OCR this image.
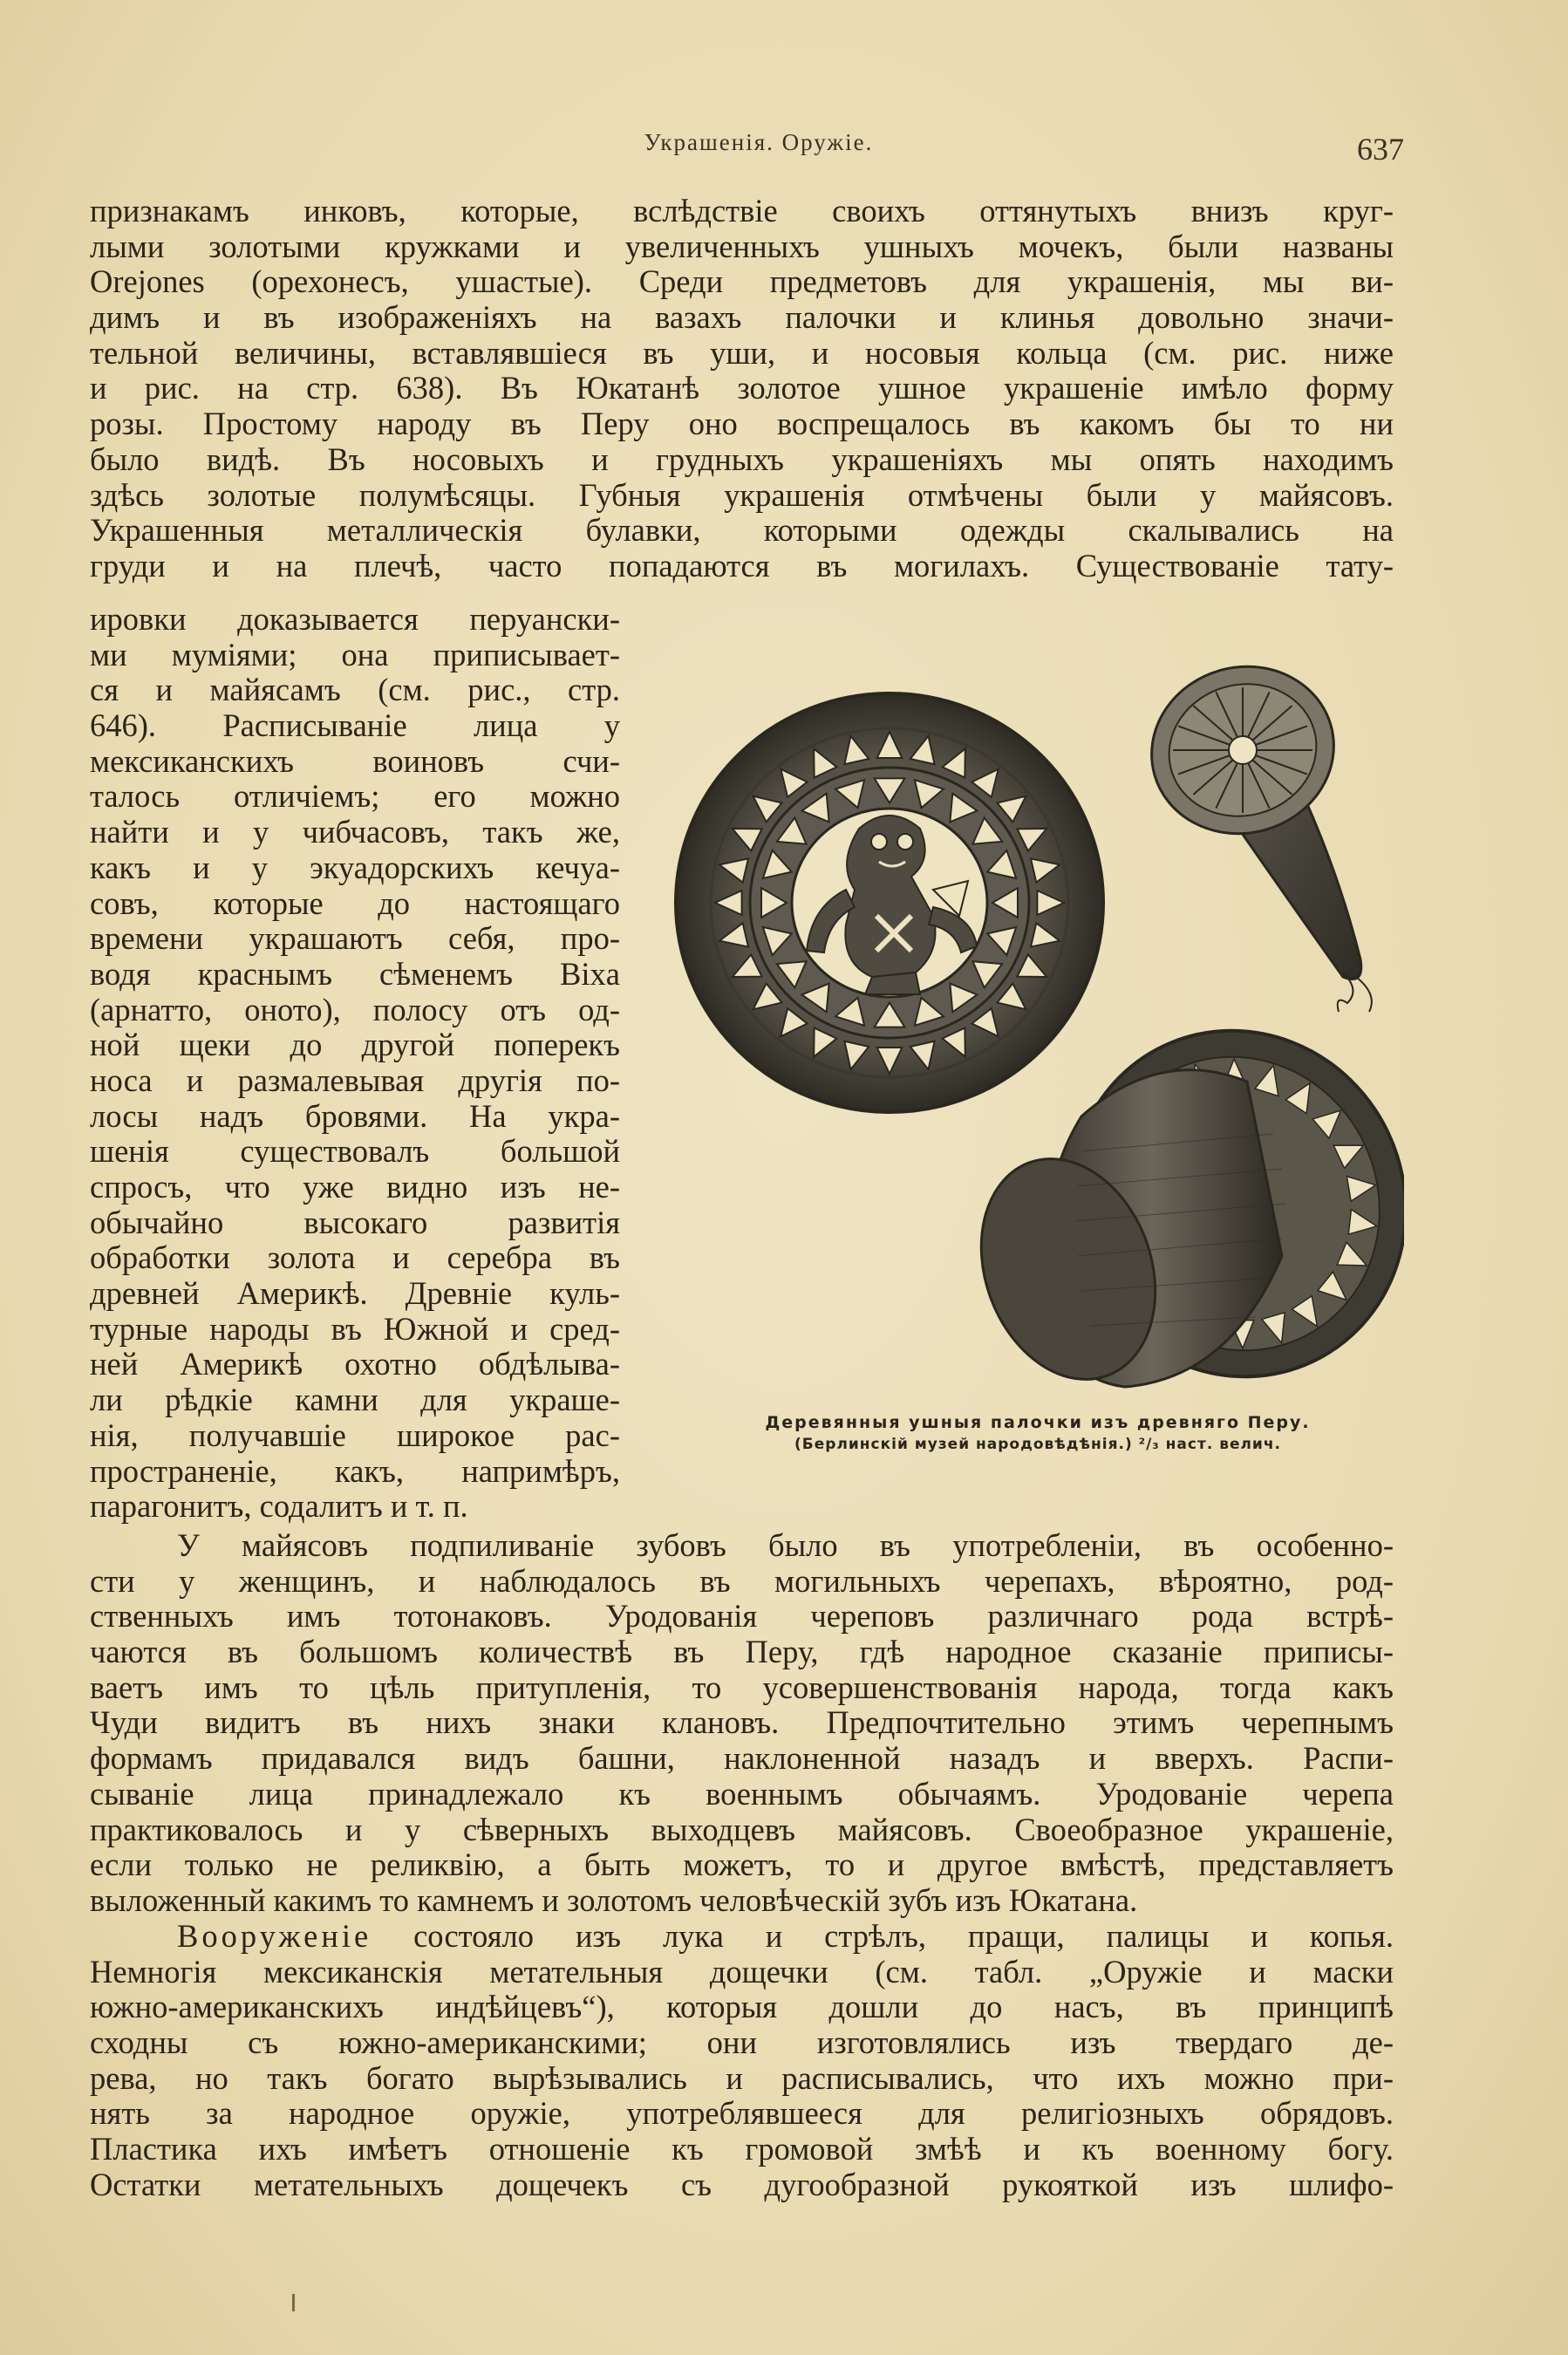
Украшенія. Оружіе.	637
признакамъ инковъ, которые, вслѣдствіе своихъ оттянутыхъ внизъ круг-
лыми золотыми кружками и увеличенныхъ ушныхъ мочекъ, были названы
Orejones (орехонесъ, ушастые). Среди предметовъ для украшенія, мы ви-
димъ и въ изображеніяхъ на вазахъ палочки и клинья довольно значи-
тельной величины, вставлявшіеся въ уши, и носовыя кольца (см. рис. ниже
и рис. на стр. 638). Въ Юкатанѣ золотое ушное украшеніе имѣло форму
розы. Простому народу въ Перу оно воспрещалось въ какомъ бы то ни
было видѣ. Въ носовыхъ и грудныхъ украшеніяхъ мы опять находимъ
здѣсь золотые полумѣсяцы. Губныя украшенія отмѣчены были у майясовъ.
Украшенныя металлическія булавки, которыми одежды скалывались на
груди и на плечѣ, часто попадаются въ могилахъ. Существованіе тату-
ировки доказывается перуански-
ми муміями; она приписывает-
ся и майясамъ (см. рис., стр.
646). Расписываніе лица у
мексиканскихъ воиновъ счи-
талось отличіемъ; его можно
найти и у чибчасовъ, такъ же,
какъ и у экуадорскихъ кечуа-
совъ, которые до настоящаго
времени украшаютъ себя, про-
водя краснымъ сѣменемъ Bixa
(арнатто, оното), полосу отъ од-
ной щеки до другой поперекъ
носа и размалевывая другія по-
лосы надъ бровями. На укра-
шенія существовалъ большой
спросъ, что уже видно изъ не-
обычайно высокаго развитія
обработки золота и серебра въ
древней Америкѣ. Древніе куль-
турные народы въ Южной и сред-
ней Америкѣ охотно обдѣлыва-
ли рѣдкіе камни для украше-
нія, получавшіе широкое рас-
пространеніе, какъ, напримѣръ,
парагонитъ, содалитъ и т. п.
Деревянныя ушныя палочки изъ древняго Перу.
(Берлинскій музей народовѣдѣнія.) ²/₃ наст. велич.
У майясовъ подпиливаніе зубовъ было въ употребленіи, въ особенно-
сти у женщинъ, и наблюдалось въ могильныхъ черепахъ, вѣроятно, род-
ственныхъ имъ тотонаковъ. Уродованія череповъ различнаго рода встрѣ-
чаются въ большомъ количествѣ въ Перу, гдѣ народное сказаніе приписы-
ваетъ имъ то цѣль притупленія, то усовершенствованія народа, тогда какъ
Чуди видитъ въ нихъ знаки клановъ. Предпочтительно этимъ черепнымъ
формамъ придавался видъ башни, наклоненной назадъ и вверхъ. Распи-
сываніе лица принадлежало къ военнымъ обычаямъ. Уродованіе черепа
практиковалось и у сѣверныхъ выходцевъ майясовъ. Своеобразное украшеніе,
если только не реликвію, а быть можетъ, то и другое вмѣстѣ, представляетъ
выложенный какимъ то камнемъ и золотомъ человѣческій зубъ изъ Юкатана.
Вооруженіе состояло изъ лука и стрѣлъ, пращи, палицы и копья.
Немногія мексиканскія метательныя дощечки (см. табл. „Оружіе и маски
южно-американскихъ индѣйцевъ“), которыя дошли до насъ, въ принципѣ
сходны съ южно-американскими; они изготовлялись изъ твердаго де-
рева, но такъ богато вырѣзывались и расписывались, что ихъ можно при-
нять за народное оружіе, употреблявшееся для религіозныхъ обрядовъ.
Пластика ихъ имѣетъ отношеніе къ громовой змѣѣ и къ военному богу.
Остатки метательныхъ дощечекъ съ дугообразной рукояткой изъ шлифо-
